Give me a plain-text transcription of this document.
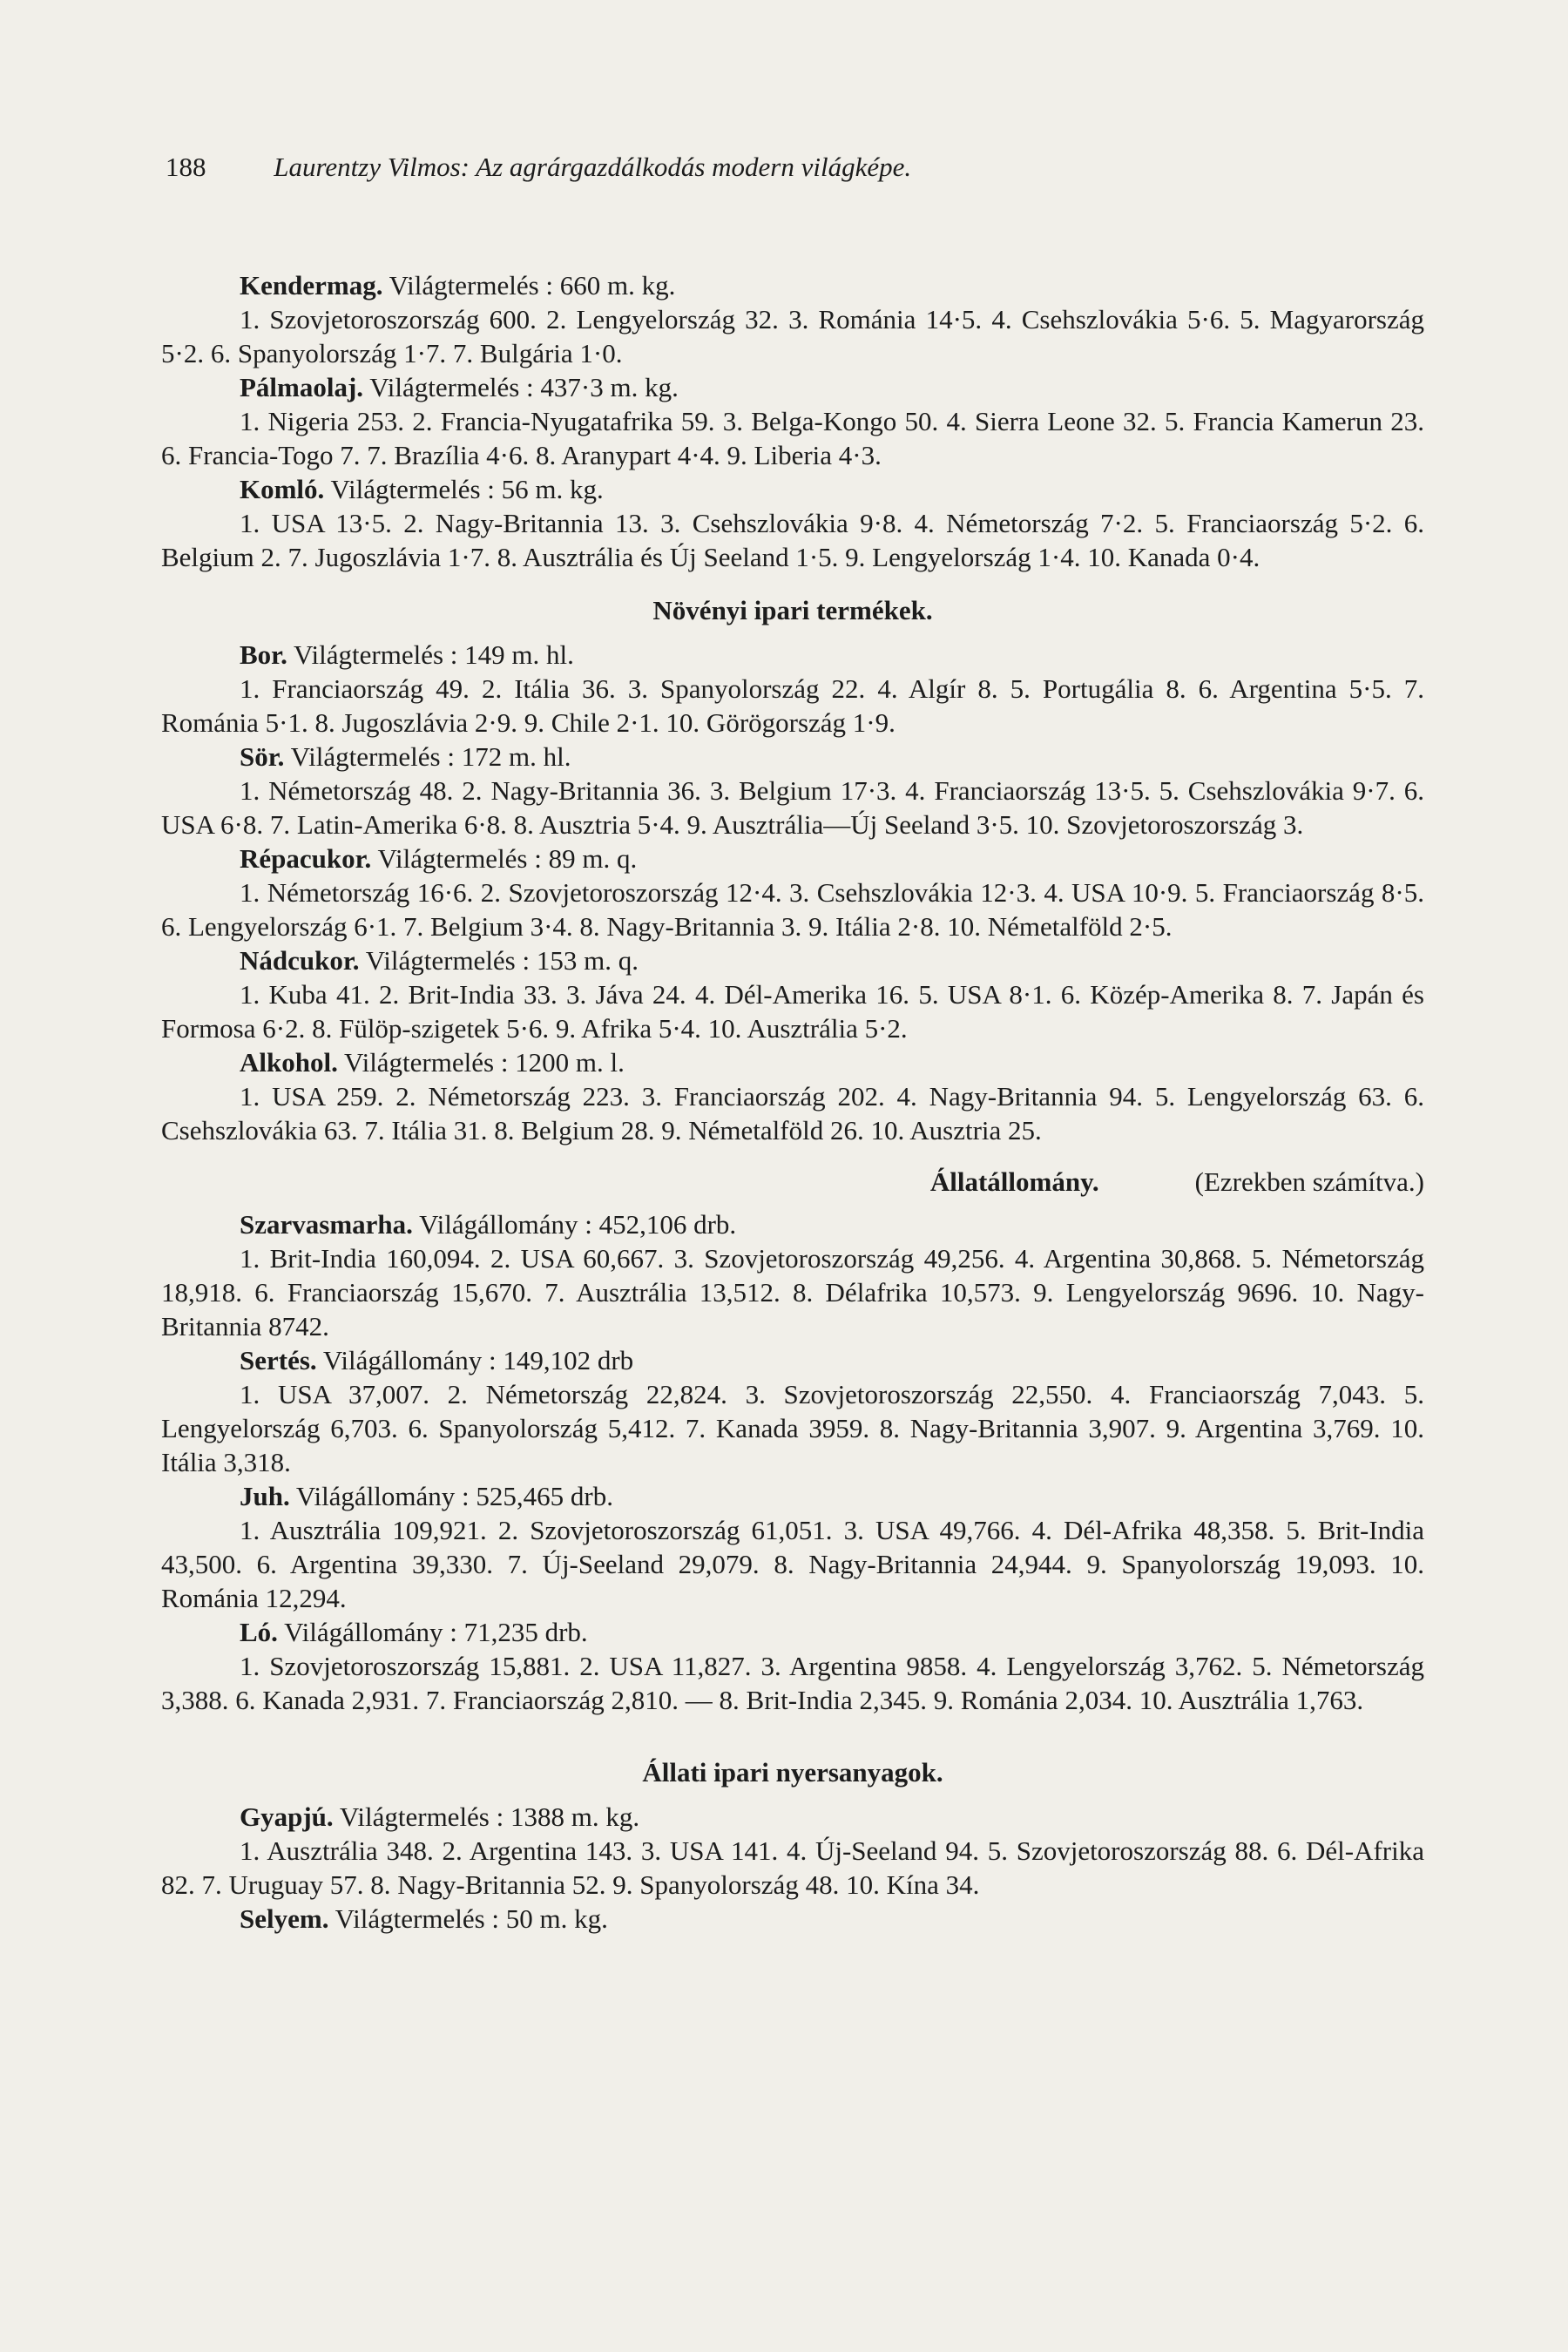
188	Laurentzy Vilmos: Az agrárgazdálkodás modern világképe.

Kendermag. Világtermelés : 660 m. kg.

1. Szovjetoroszország 600. 2. Lengyelország 32. 3. Románia 14·5. 4. Csehszlovákia 5·6. 5. Magyarország 5·2. 6. Spanyolország 1·7. 7. Bulgária 1·0.

Pálmaolaj. Világtermelés : 437·3 m. kg.

1. Nigeria 253. 2. Francia-Nyugatafrika 59. 3. Belga-Kongo 50. 4. Sierra Leone 32. 5. Francia Kamerun 23. 6. Francia-Togo 7. 7. Brazília 4·6. 8. Aranypart 4·4. 9. Liberia 4·3.

Komló. Világtermelés : 56 m. kg.

1. USA 13·5. 2. Nagy-Britannia 13. 3. Csehszlovákia 9·8. 4. Németország 7·2. 5. Franciaország 5·2. 6. Belgium 2. 7. Jugoszlávia 1·7. 8. Ausztrália és Új Seeland 1·5. 9. Lengyelország 1·4. 10. Kanada 0·4.

Növényi ipari termékek.

Bor. Világtermelés : 149 m. hl.

1. Franciaország 49. 2. Itália 36. 3. Spanyolország 22. 4. Algír 8. 5. Portugália 8. 6. Argentina 5·5. 7. Románia 5·1. 8. Jugoszlávia 2·9. 9. Chile 2·1. 10. Görögország 1·9.

Sör. Világtermelés : 172 m. hl.

1. Németország 48. 2. Nagy-Britannia 36. 3. Belgium 17·3. 4. Franciaország 13·5. 5. Csehszlovákia 9·7. 6. USA 6·8. 7. Latin-Amerika 6·8. 8. Ausztria 5·4. 9. Ausztrália—Új Seeland 3·5. 10. Szovjetoroszország 3.

Répacukor. Világtermelés : 89 m. q.

1. Németország 16·6. 2. Szovjetoroszország 12·4. 3. Csehszlovákia 12·3. 4. USA 10·9. 5. Franciaország 8·5. 6. Lengyelország 6·1. 7. Belgium 3·4. 8. Nagy-Britannia 3. 9. Itália 2·8. 10. Németalföld 2·5.

Nádcukor. Világtermelés : 153 m. q.

1. Kuba 41. 2. Brit-India 33. 3. Jáva 24. 4. Dél-Amerika 16. 5. USA 8·1. 6. Közép-Amerika 8. 7. Japán és Formosa 6·2. 8. Fülöp-szigetek 5·6. 9. Afrika 5·4. 10. Ausztrália 5·2.

Alkohol. Világtermelés : 1200 m. l.

1. USA 259. 2. Németország 223. 3. Franciaország 202. 4. Nagy-Britannia 94. 5. Lengyelország 63. 6. Csehszlovákia 63. 7. Itália 31. 8. Belgium 28. 9. Németalföld 26. 10. Ausztria 25.

Állatállomány.	(Ezrekben számítva.)

Szarvasmarha. Világállomány : 452,106 drb.

1. Brit-India 160,094. 2. USA 60,667. 3. Szovjetoroszország 49,256. 4. Argentina 30,868. 5. Németország 18,918. 6. Franciaország 15,670. 7. Ausztrália 13,512. 8. Délafrika 10,573. 9. Lengyelország 9696. 10. Nagy-Britannia 8742.

Sertés. Világállomány : 149,102 drb

1. USA 37,007. 2. Németország 22,824. 3. Szovjetoroszország 22,550. 4. Franciaország 7,043. 5. Lengyelország 6,703. 6. Spanyolország 5,412. 7. Kanada 3959. 8. Nagy-Britannia 3,907. 9. Argentina 3,769. 10. Itália 3,318.

Juh. Világállomány : 525,465 drb.

1. Ausztrália 109,921. 2. Szovjetoroszország 61,051. 3. USA 49,766. 4. Dél-Afrika 48,358. 5. Brit-India 43,500. 6. Argentina 39,330. 7. Új-Seeland 29,079. 8. Nagy-Britannia 24,944. 9. Spanyolország 19,093. 10. Románia 12,294.

Ló. Világállomány : 71,235 drb.

1. Szovjetoroszország 15,881. 2. USA 11,827. 3. Argentina 9858. 4. Lengyelország 3,762. 5. Németország 3,388. 6. Kanada 2,931. 7. Franciaország 2,810. — 8. Brit-India 2,345. 9. Románia 2,034. 10. Ausztrália 1,763.

Állati ipari nyersanyagok.

Gyapjú. Világtermelés : 1388 m. kg.

1. Ausztrália 348. 2. Argentina 143. 3. USA 141. 4. Új-Seeland 94. 5. Szovjetoroszország 88. 6. Dél-Afrika 82. 7. Uruguay 57. 8. Nagy-Britannia 52. 9. Spanyolország 48. 10. Kína 34.

Selyem. Világtermelés : 50 m. kg.
